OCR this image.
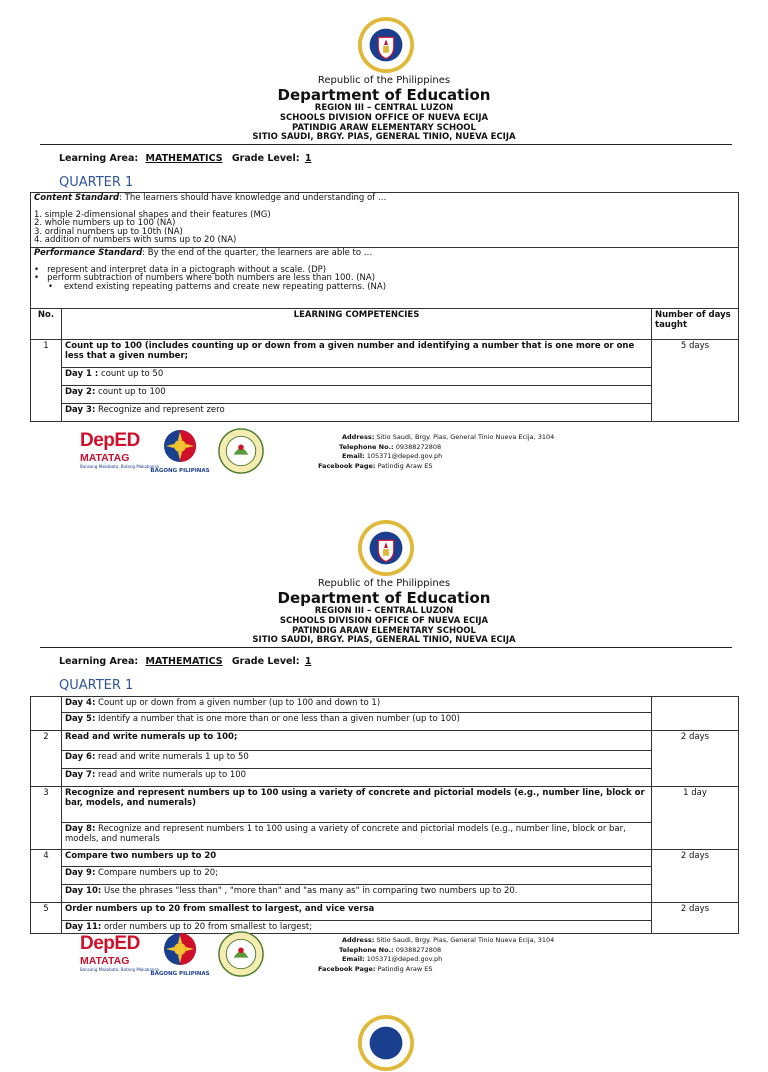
Republic of the Philippines
Department of Education
REGION III – CENTRAL LUZON
SCHOOLS DIVISION OFFICE OF NUEVA ECIJA
PATINDIG ARAW ELEMENTARY SCHOOL
SITIO SAUDI, BRGY. PIAS, GENERAL TINIO, NUEVA ECIJA
Learning Area: MATHEMATICS Grade Level: 1
QUARTER 1
Content Standard: The learners should have knowledge and understanding of …
1. simple 2-dimensional shapes and their features (MG)
2. whole numbers up to 100 (NA)
3. ordinal numbers up to 10th (NA)
4. addition of numbers with sums up to 20 (NA)
Performance Standard: By the end of the quarter, the learners are able to …
•   represent and interpret data in a pictograph without a scale. (DP)
•   perform subtraction of numbers where both numbers are less than 100. (NA)
•    extend existing repeating patterns and create new repeating patterns. (NA)
No.	LEARNING COMPETENCIES	Number of days taught
1	Count up to 100 (includes counting up or down from a given number and identifying a number that is one more or one less that a given number;	5 days
	Day 1 : count up to 50	
	Day 2: count up to 100	
	Day 3: Recognize and represent zero	
DepED
MATATAG
Bansang Makabata, Batang Makabansa
BAGONG PILIPINAS
Address: Sitio Saudi, Brgy. Pias, General Tinio Nueva Ecija, 3104
Telephone No.: 09388272808
Email: 105371@deped.gov.ph
Facebook Page: Patindig Araw ES
Republic of the Philippines
Department of Education
REGION III – CENTRAL LUZON
SCHOOLS DIVISION OFFICE OF NUEVA ECIJA
PATINDIG ARAW ELEMENTARY SCHOOL
SITIO SAUDI, BRGY. PIAS, GENERAL TINIO, NUEVA ECIJA
Learning Area: MATHEMATICS Grade Level: 1
QUARTER 1
	Day 4: Count up or down from a given number (up to 100 and down to 1)	
	Day 5: Identify a number that is one more than or one less than a given number (up to 100)	
2	Read and write numerals up to 100;	2 days
	Day 6: read and write numerals 1 up to 50	
	Day 7: read and write numerals up to 100	
3	Recognize and represent numbers up to 100 using a variety of concrete and pictorial models (e.g., number line, block or bar, models, and numerals)	1 day
	Day 8: Recognize and represent numbers 1 to 100 using a variety of concrete and pictorial models (e.g., number line, block or bar, models, and numerals	
4	Compare two numbers up to 20	2 days
	Day 9: Compare numbers up to 20;	
	Day 10: Use the phrases "less than" , "more than" and "as many as" in comparing two numbers up to 20.	
5	Order numbers up to 20 from smallest to largest, and vice versa	2 days
	Day 11: order numbers up to 20 from smallest to largest;	
DepED
MATATAG
Bansang Makabata, Batang Makabansa
BAGONG PILIPINAS
Address: Sitio Saudi, Brgy. Pias, General Tinio Nueva Ecija, 3104
Telephone No.: 09388272808
Email: 105371@deped.gov.ph
Facebook Page: Patindig Araw ES
